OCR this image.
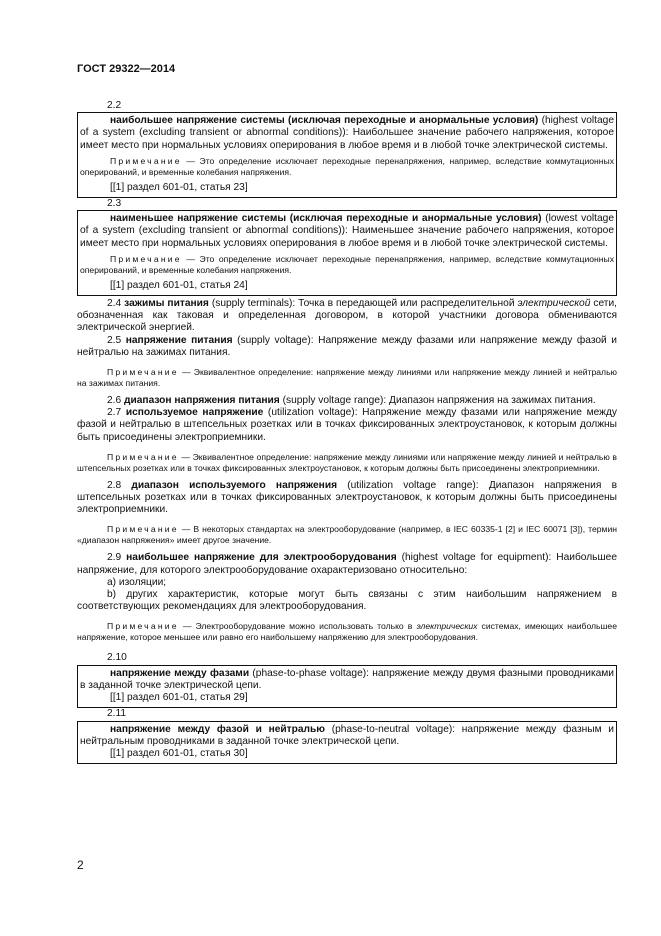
ГОСТ 29322—2014
2.2

наибольшее напряжение системы (исключая переходные и анормальные условия) (highest voltage of a system (excluding transient or abnormal conditions)): Наибольшее значение рабочего напряжения, которое имеет место при нормальных условиях оперирования в любое время и в любой точке электрической системы.

Примечание — Это определение исключает переходные перенапряжения, например, вследствие коммутационных оперирований, и временные колебания напряжения.

[[1] раздел 601-01, статья 23]
2.3

наименьшее напряжение системы (исключая переходные и анормальные условия) (lowest voltage of a system (excluding transient or abnormal conditions)): Наименьшее значение рабочего напряжения, которое имеет место при нормальных условиях оперирования в любое время и в любой точке электрической системы.

Примечание — Это определение исключает переходные перенапряжения, например, вследствие коммутационных оперирований, и временные колебания напряжения.

[[1] раздел 601-01, статья 24]

2.4 зажимы питания (supply terminals): Точка в передающей или распределительной электрической сети, обозначенная как таковая и определенная договором, в которой участники договора обмениваются электрической энергией.

2.5 напряжение питания (supply voltage): Напряжение между фазами или напряжение между фазой и нейтралью на зажимах питания.

Примечание — Эквивалентное определение: напряжение между линиями или напряжение между линией и нейтралью на зажимах питания.

2.6 диапазон напряжения питания (supply voltage range): Диапазон напряжения на зажимах питания.

2.7 используемое напряжение (utilization voltage): Напряжение между фазами или напряжение между фазой и нейтралью в штепсельных розетках или в точках фиксированных электроустановок, к которым должны быть присоединены электроприемники.

Примечание — Эквивалентное определение: напряжение между линиями или напряжение между линией и нейтралью в штепсельных розетках или в точках фиксированных электроустановок, к которым должны быть присоединены электроприемники.

2.8 диапазон используемого напряжения (utilization voltage range): Диапазон напряжения в штепсельных розетках или в точках фиксированных электроустановок, к которым должны быть присоединены электроприемники.

Примечание — В некоторых стандартах на электрооборудование (например, в IEC 60335-1 [2] и IEC 60071 [3]), термин «диапазон напряжения» имеет другое значение.

2.9 наибольшее напряжение для электрооборудования (highest voltage for equipment): Наибольшее напряжение, для которого электрооборудование охарактеризовано относительно:

а) изоляции;

b) других характеристик, которые могут быть связаны с этим наибольшим напряжением в соответствующих рекомендациях для электрооборудования.

Примечание — Электрооборудование можно использовать только в электрических системах, имеющих наибольшее напряжение, которое меньшее или равно его наибольшему напряжению для электрооборудования.

2.10

напряжение между фазами (phase-to-phase voltage): напряжение между двумя фазными проводниками в заданной точке электрической цепи.

[[1] раздел 601-01, статья 29]
2.11

напряжение между фазой и нейтралью (phase-to-neutral voltage): напряжение между фазным и нейтральным проводниками в заданной точке электрической цепи.

[[1] раздел 601-01, статья 30]
2
